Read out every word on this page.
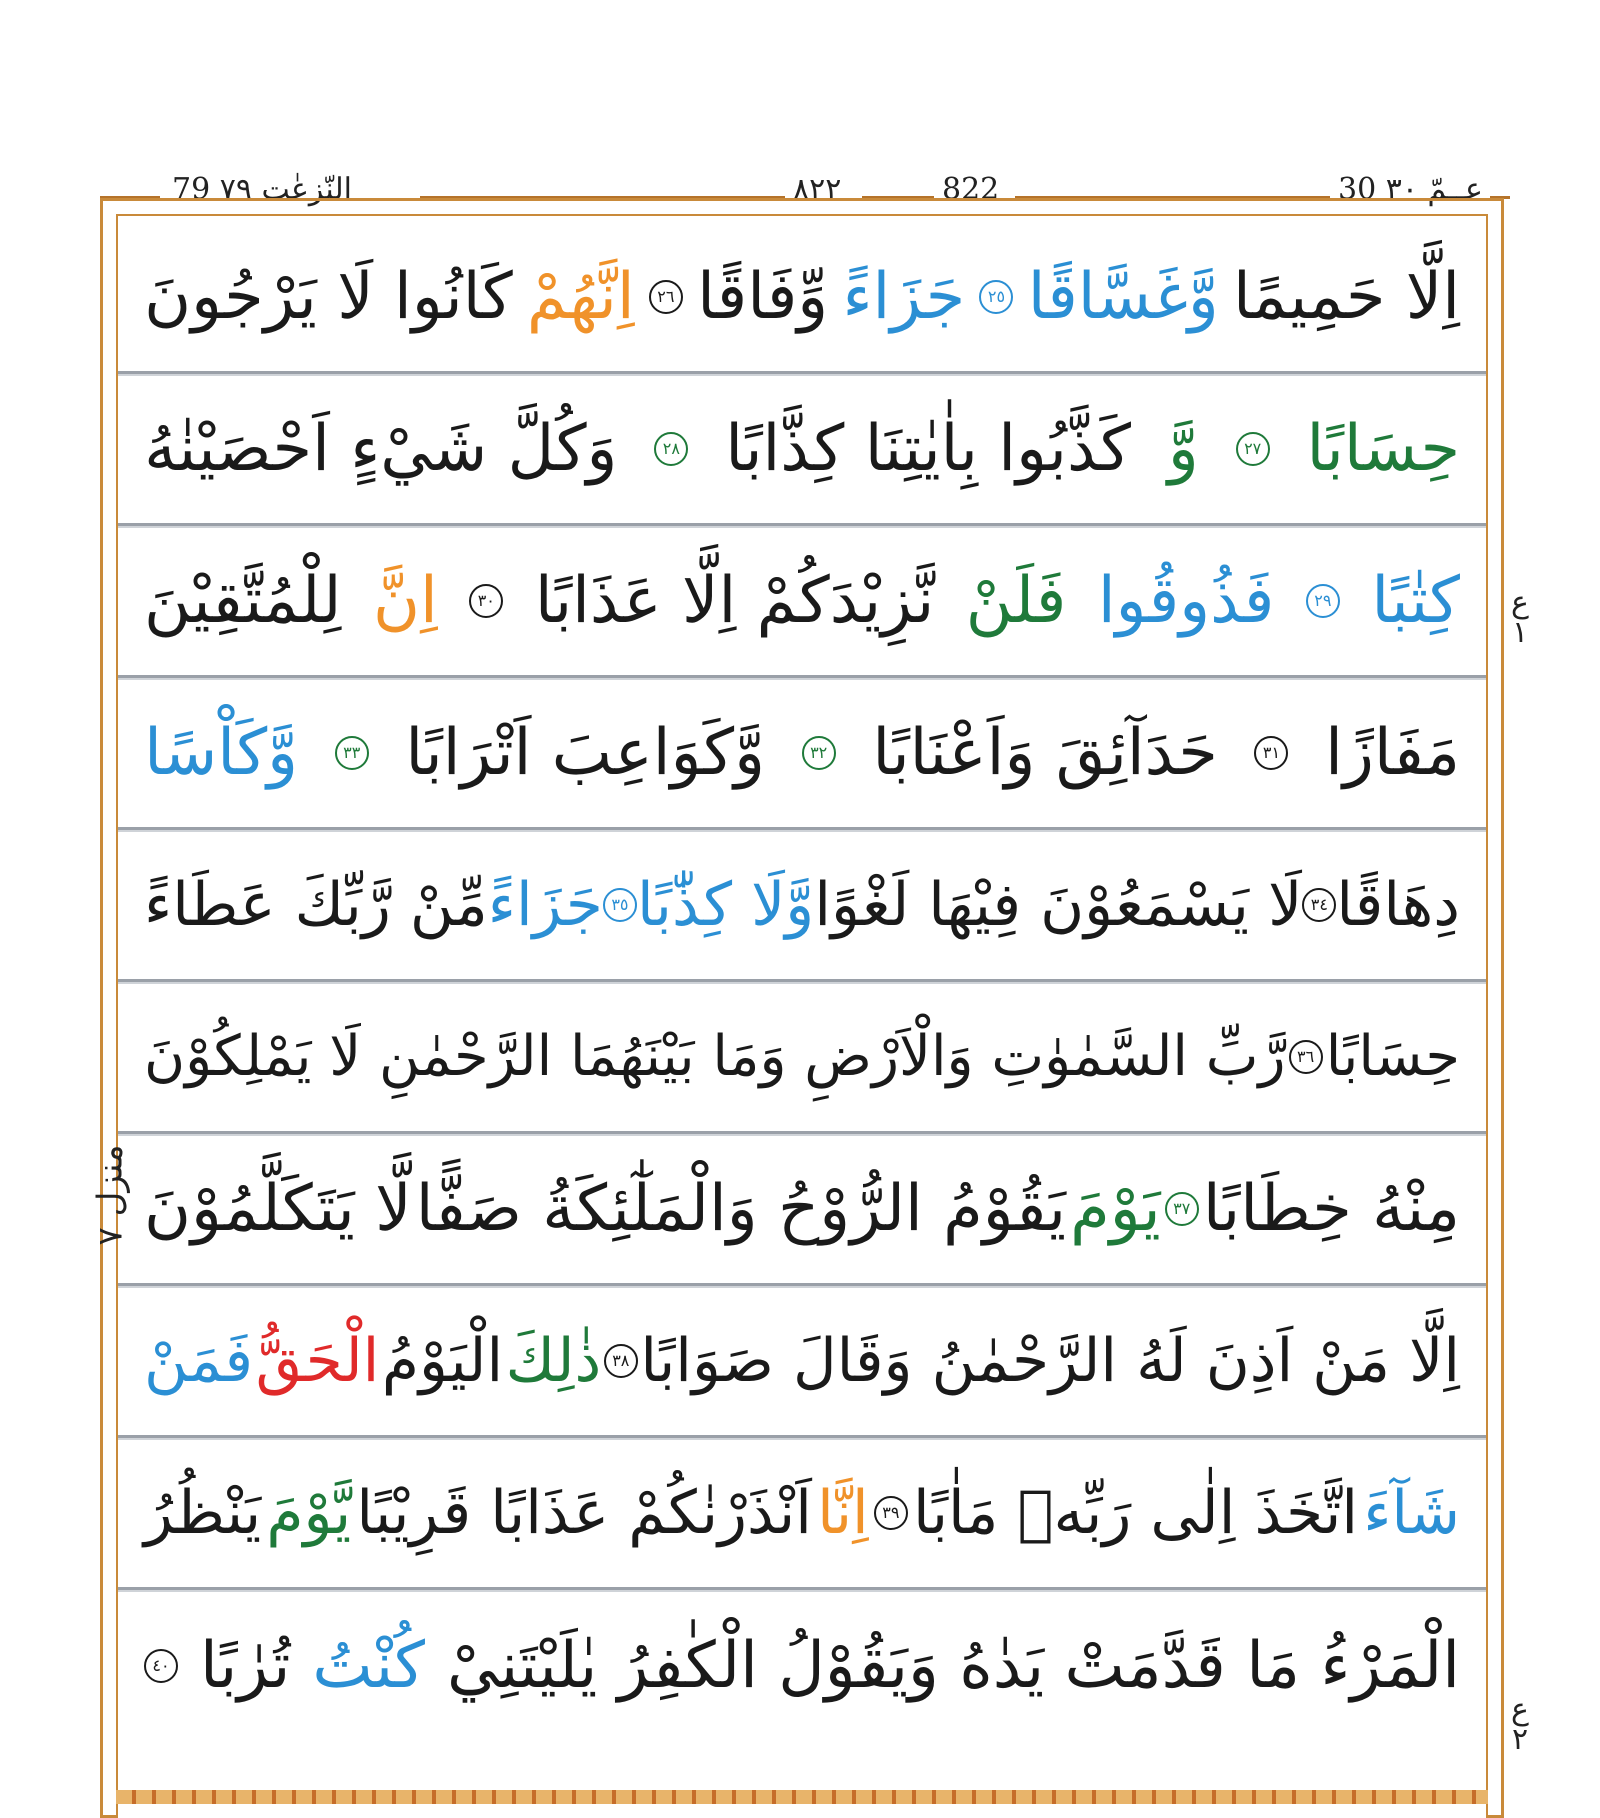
79 النّزعٰت ٧٩	٨٢٢	822	عــمّ ٣٠ 30
اِلَّا حَمِيمًا
وَّغَسَّاقًا
٢٥
جَزَاءً
وِّفَاقًا
٢٦
اِنَّهُمْ
كَانُوا لَا يَرْجُونَ
حِسَابًا
٢٧
وَّ
كَذَّبُوا بِاٰيٰتِنَا كِذَّابًا
٢٨
وَكُلَّ شَيْءٍ اَحْصَيْنٰهُ
كِتٰبًا
٢٩
فَذُوقُوا
فَلَنْ
نَّزِيْدَكُمْ اِلَّا عَذَابًا
٣٠
اِنَّ
لِلْمُتَّقِيْنَ
مَفَازًا
٣١
حَدَآئِقَ وَاَعْنَابًا
٣٢
وَّكَوَاعِبَ اَتْرَابًا
٣٣
وَّكَاْسًا
دِهَاقًا
٣٤
لَا يَسْمَعُوْنَ فِيْهَا لَغْوًا
وَّلَا كِذّٰبًا
٣٥
جَزَاءً
مِّنْ رَّبِّكَ عَطَاءً
حِسَابًا
٣٦
رَّبِّ السَّمٰوٰتِ وَالْاَرْضِ وَمَا بَيْنَهُمَا الرَّحْمٰنِ لَا يَمْلِكُوْنَ
مِنْهُ خِطَابًا
٣٧
يَوْمَ
يَقُوْمُ الرُّوْحُ وَالْمَلٰٓئِكَةُ صَفًّا
لَّا يَتَكَلَّمُوْنَ
اِلَّا مَنْ اَذِنَ لَهُ الرَّحْمٰنُ وَقَالَ صَوَابًا
٣٨
ذٰلِكَ
الْيَوْمُ
الْحَقُّ
فَمَنْ
شَآءَ
اتَّخَذَ اِلٰى رَبِّهٖ مَاٰبًا
٣٩
اِنَّا
اَنْذَرْنٰكُمْ عَذَابًا قَرِيْبًا
يَّوْمَ
يَنْظُرُ
الْمَرْءُ مَا قَدَّمَتْ يَدٰهُ وَيَقُوْلُ الْكٰفِرُ يٰلَيْتَنِيْ
كُنْتُ
تُرٰبًا
٤٠
ع
١
ع
٢
منزل ٧
